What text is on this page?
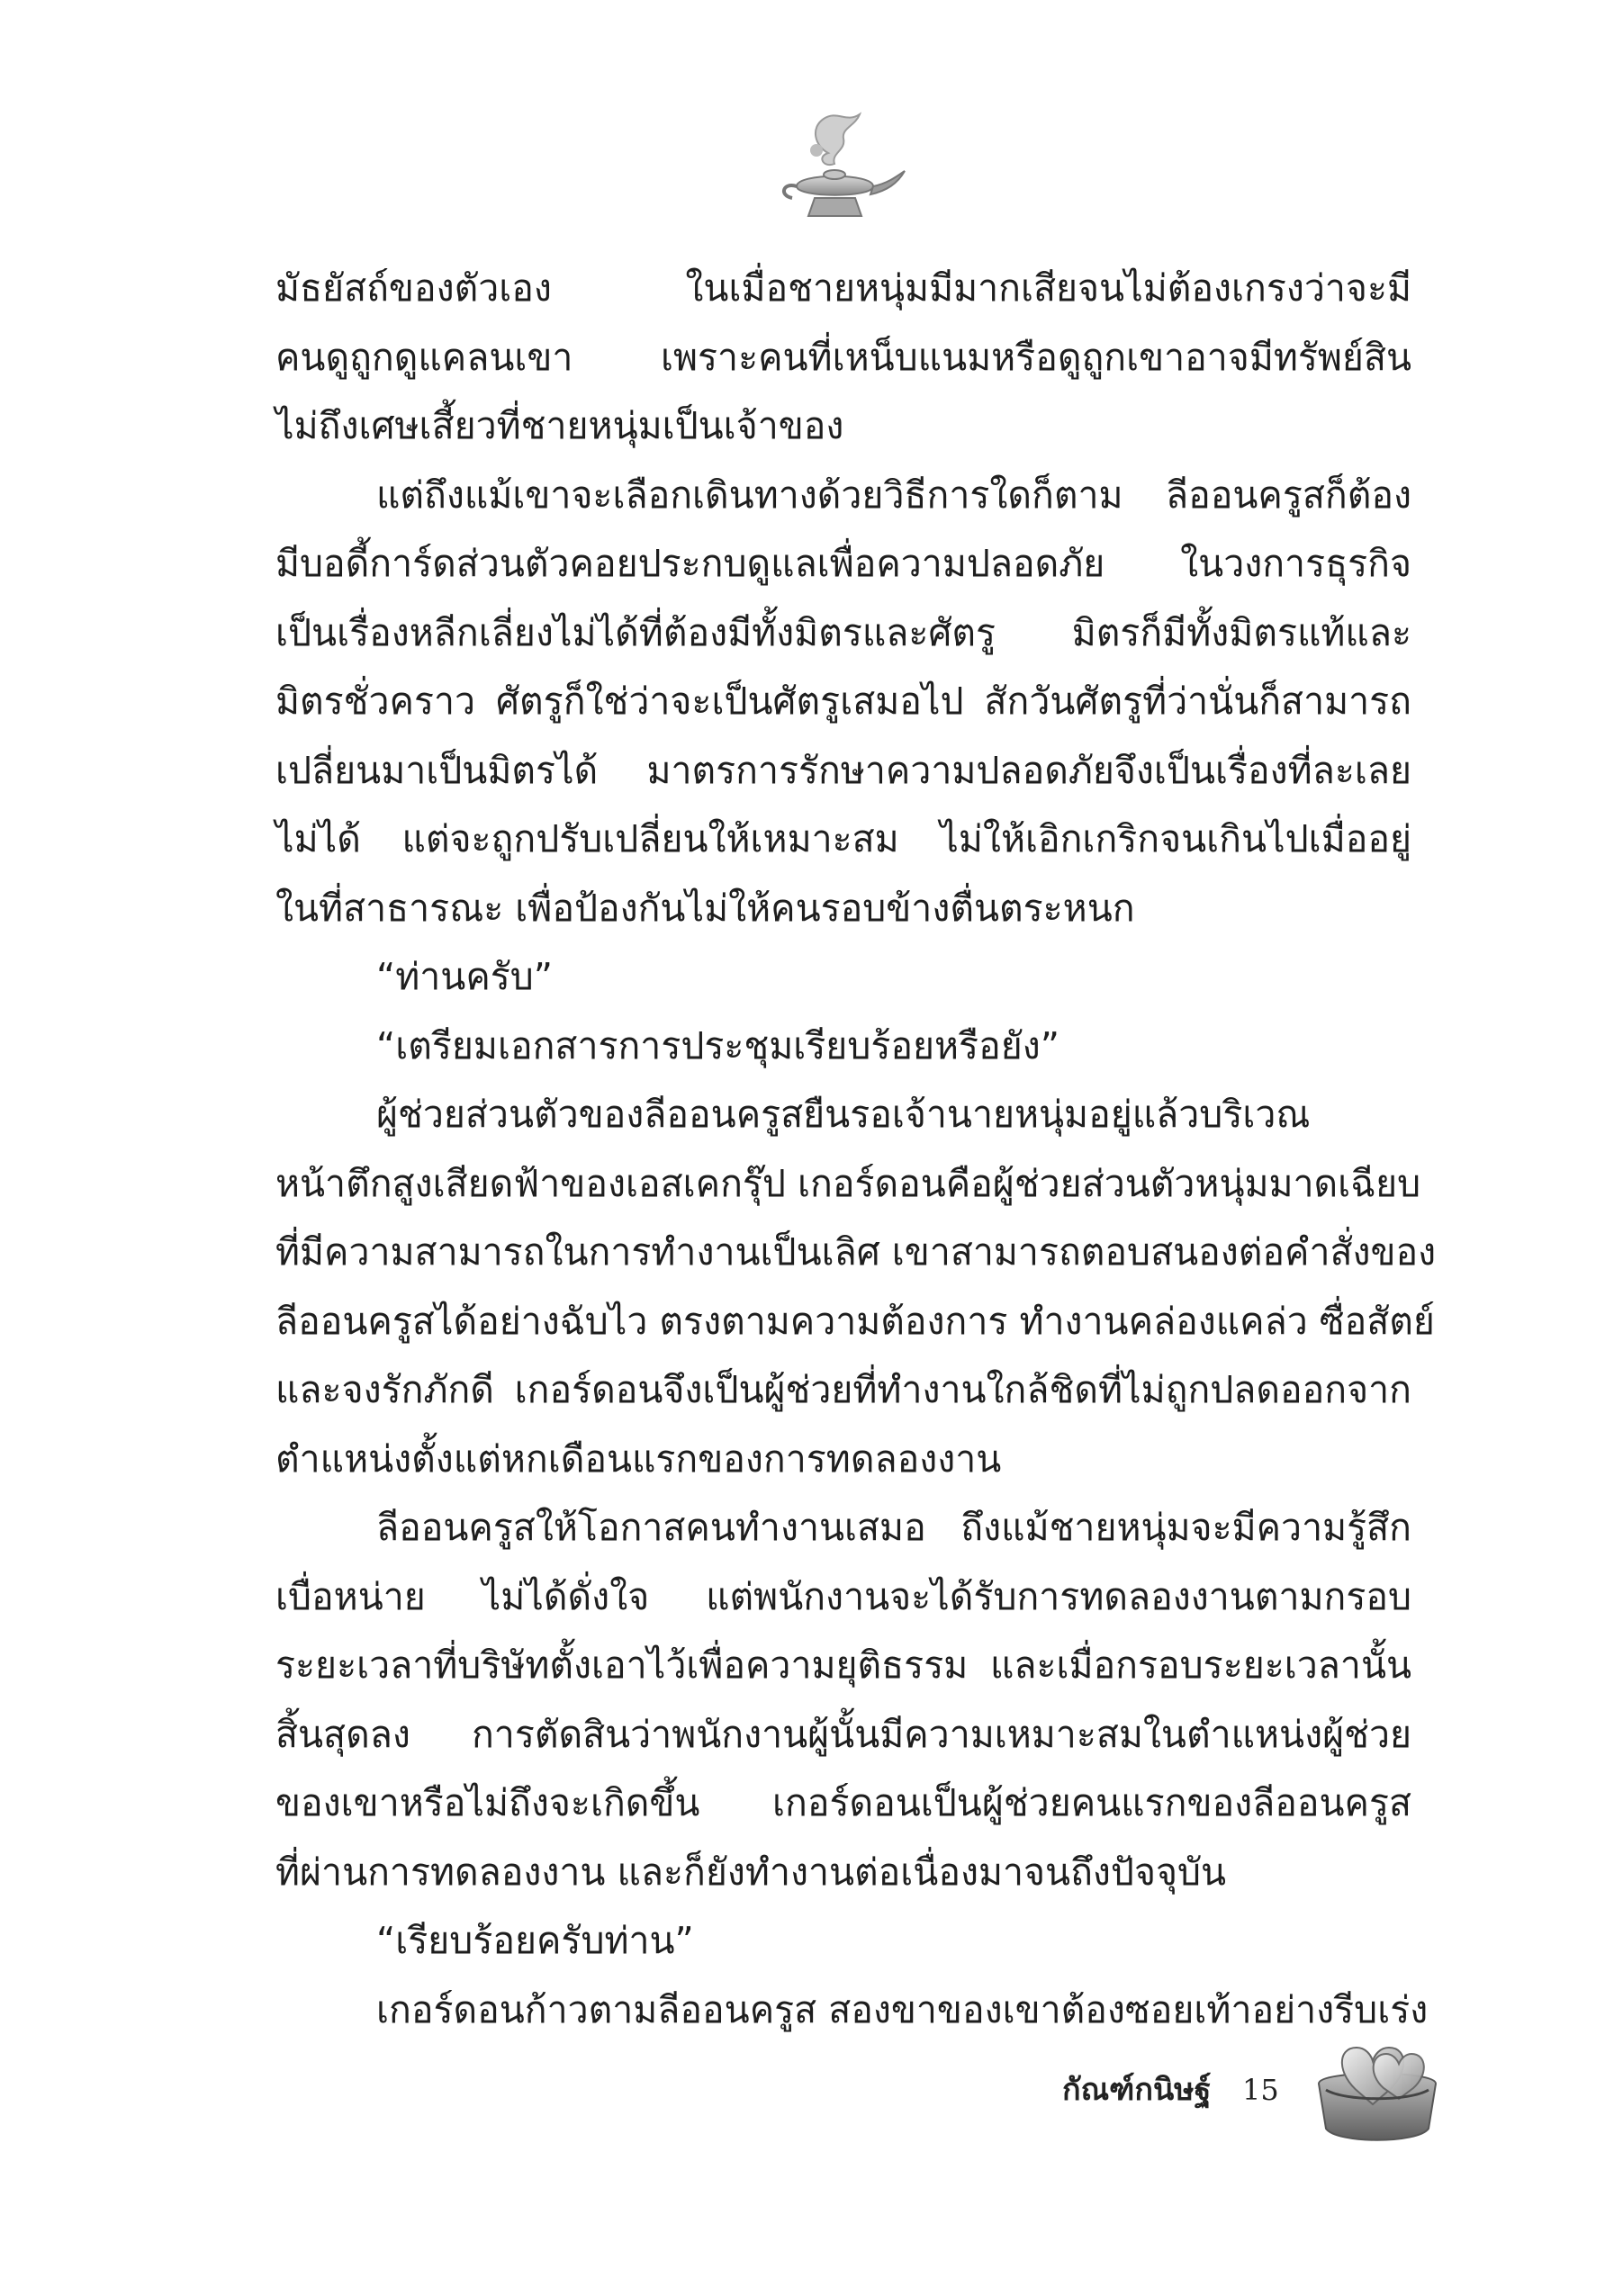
มัธยัสถ์ของตัวเอง ในเมื่อชายหนุ่มมีมากเสียจนไม่ต้องเกรงว่าจะมี
คนดูถูกดูแคลนเขา เพราะคนที่เหน็บแนมหรือดูถูกเขาอาจมีทรัพย์สิน
ไม่ถึงเศษเสี้ยวที่ชายหนุ่มเป็นเจ้าของ
แต่ถึงแม้เขาจะเลือกเดินทางด้วยวิธีการใดก็ตาม ลีออนครูสก็ต้อง
มีบอดี้การ์ดส่วนตัวคอยประกบดูแลเพื่อความปลอดภัย ในวงการธุรกิจ
เป็นเรื่องหลีกเลี่ยงไม่ได้ที่ต้องมีทั้งมิตรและศัตรู มิตรก็มีทั้งมิตรแท้และ
มิตรชั่วคราว ศัตรูก็ใช่ว่าจะเป็นศัตรูเสมอไป สักวันศัตรูที่ว่านั่นก็สามารถ
เปลี่ยนมาเป็นมิตรได้ มาตรการรักษาความปลอดภัยจึงเป็นเรื่องที่ละเลย
ไม่ได้ แต่จะถูกปรับเปลี่ยนให้เหมาะสม ไม่ให้เอิกเกริกจนเกินไปเมื่ออยู่
ในที่สาธารณะ เพื่อป้องกันไม่ให้คนรอบข้างตื่นตระหนก
“ท่านครับ”
“เตรียมเอกสารการประชุมเรียบร้อยหรือยัง”
ผู้ช่วยส่วนตัวของลีออนครูสยืนรอเจ้านายหนุ่มอยู่แล้วบริเวณ
หน้าตึกสูงเสียดฟ้าของเอสเคกรุ๊ป เกอร์ดอนคือผู้ช่วยส่วนตัวหนุ่มมาดเฉียบ
ที่มีความสามารถในการทำงานเป็นเลิศ เขาสามารถตอบสนองต่อคำสั่งของ
ลีออนครูสได้อย่างฉับไว ตรงตามความต้องการ ทำงานคล่องแคล่ว ซื่อสัตย์
และจงรักภักดี เกอร์ดอนจึงเป็นผู้ช่วยที่ทำงานใกล้ชิดที่ไม่ถูกปลดออกจาก
ตำแหน่งตั้งแต่หกเดือนแรกของการทดลองงาน
ลีออนครูสให้โอกาสคนทำงานเสมอ ถึงแม้ชายหนุ่มจะมีความรู้สึก
เบื่อหน่าย ไม่ได้ดั่งใจ แต่พนักงานจะได้รับการทดลองงานตามกรอบ
ระยะเวลาที่บริษัทตั้งเอาไว้เพื่อความยุติธรรม และเมื่อกรอบระยะเวลานั้น
สิ้นสุดลง การตัดสินว่าพนักงานผู้นั้นมีความเหมาะสมในตำแหน่งผู้ช่วย
ของเขาหรือไม่ถึงจะเกิดขึ้น เกอร์ดอนเป็นผู้ช่วยคนแรกของลีออนครูส
ที่ผ่านการทดลองงาน และก็ยังทำงานต่อเนื่องมาจนถึงปัจจุบัน
“เรียบร้อยครับท่าน”
เกอร์ดอนก้าวตามลีออนครูส สองขาของเขาต้องซอยเท้าอย่างรีบเร่ง
กัณฑ์กนิษฐ์ 15
